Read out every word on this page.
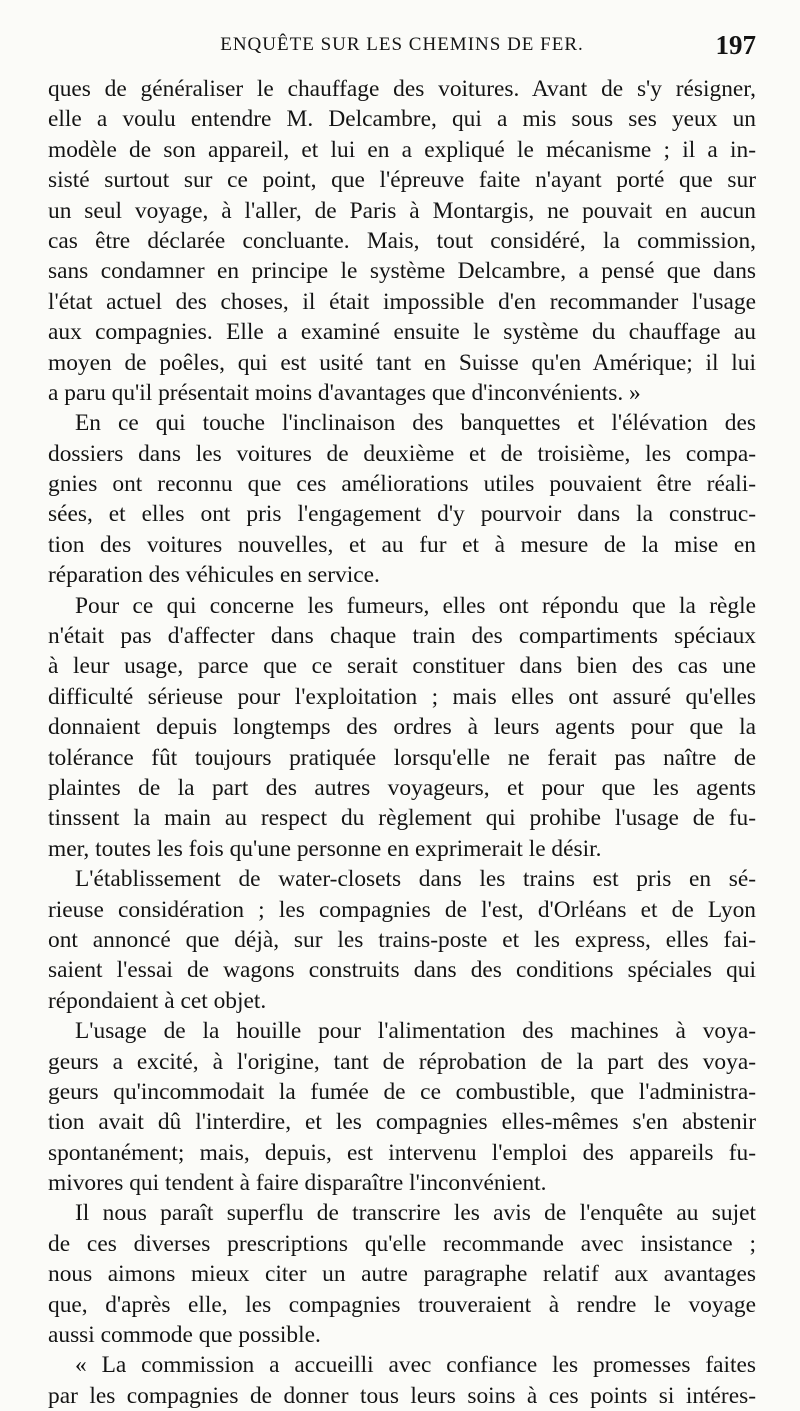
ENQUÊTE SUR LES CHEMINS DE FER.	197
ques de généraliser le chauffage des voitures. Avant de s'y résigner,
elle a voulu entendre M. Delcambre, qui a mis sous ses yeux un
modèle de son appareil, et lui en a expliqué le mécanisme ; il a in-
sisté surtout sur ce point, que l'épreuve faite n'ayant porté que sur
un seul voyage, à l'aller, de Paris à Montargis, ne pouvait en aucun
cas être déclarée concluante. Mais, tout considéré, la commission,
sans condamner en principe le système Delcambre, a pensé que dans
l'état actuel des choses, il était impossible d'en recommander l'usage
aux compagnies. Elle a examiné ensuite le système du chauffage au
moyen de poêles, qui est usité tant en Suisse qu'en Amérique; il lui
a paru qu'il présentait moins d'avantages que d'inconvénients. »
En ce qui touche l'inclinaison des banquettes et l'élévation des
dossiers dans les voitures de deuxième et de troisième, les compa-
gnies ont reconnu que ces améliorations utiles pouvaient être réali-
sées, et elles ont pris l'engagement d'y pourvoir dans la construc-
tion des voitures nouvelles, et au fur et à mesure de la mise en
réparation des véhicules en service.
Pour ce qui concerne les fumeurs, elles ont répondu que la règle
n'était pas d'affecter dans chaque train des compartiments spéciaux
à leur usage, parce que ce serait constituer dans bien des cas une
difficulté sérieuse pour l'exploitation ; mais elles ont assuré qu'elles
donnaient depuis longtemps des ordres à leurs agents pour que la
tolérance fût toujours pratiquée lorsqu'elle ne ferait pas naître de
plaintes de la part des autres voyageurs, et pour que les agents
tinssent la main au respect du règlement qui prohibe l'usage de fu-
mer, toutes les fois qu'une personne en exprimerait le désir.
L'établissement de water-closets dans les trains est pris en sé-
rieuse considération ; les compagnies de l'est, d'Orléans et de Lyon
ont annoncé que déjà, sur les trains-poste et les express, elles fai-
saient l'essai de wagons construits dans des conditions spéciales qui
répondaient à cet objet.
L'usage de la houille pour l'alimentation des machines à voya-
geurs a excité, à l'origine, tant de réprobation de la part des voya-
geurs qu'incommodait la fumée de ce combustible, que l'administra-
tion avait dû l'interdire, et les compagnies elles-mêmes s'en abstenir
spontanément; mais, depuis, est intervenu l'emploi des appareils fu-
mivores qui tendent à faire disparaître l'inconvénient.
Il nous paraît superflu de transcrire les avis de l'enquête au sujet
de ces diverses prescriptions qu'elle recommande avec insistance ;
nous aimons mieux citer un autre paragraphe relatif aux avantages
que, d'après elle, les compagnies trouveraient à rendre le voyage
aussi commode que possible.
« La commission a accueilli avec confiance les promesses faites
par les compagnies de donner tous leurs soins à ces points si intéres-
